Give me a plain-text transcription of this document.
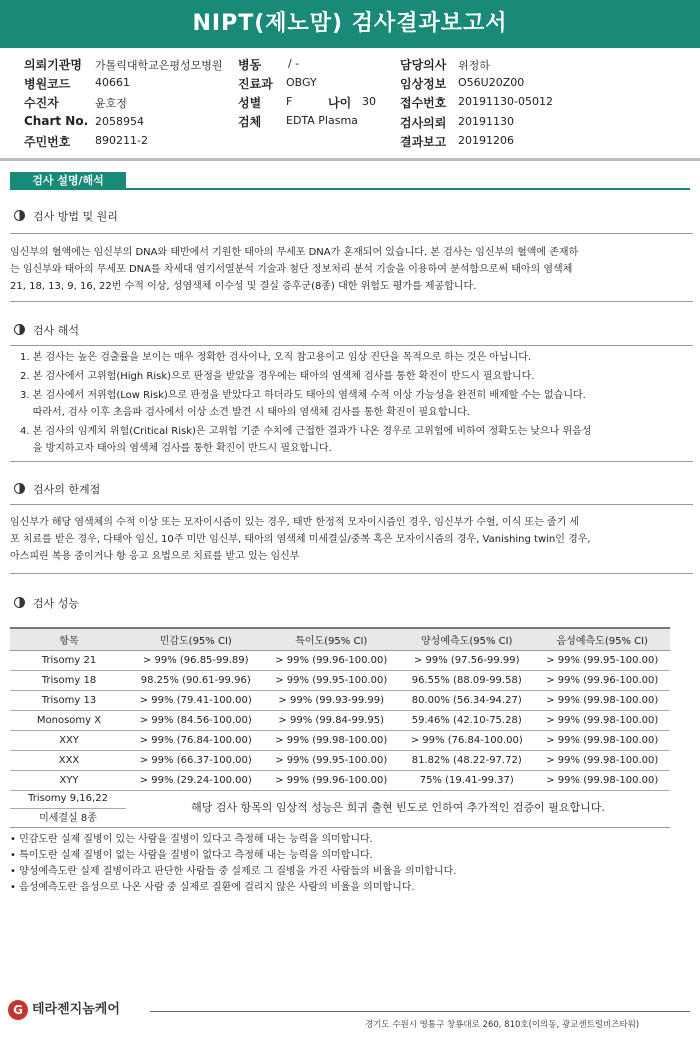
NIPT(제노맘) 검사결과보고서
의뢰기관명 가톨릭대학교은평성모병원 병동 / -	담당의사 위정하
병원코드 40661	진료과 OBGY	임상정보 O56U20Z00
수진자	윤호정	성별 F	나이 30 접수번호 20191130-05012
Chart No. 2058954	검체 EDTA Plasma	검사의뢰 20191130
주민번호 890211-2	결과보고 20191206
검사 설명/해석
검사 방법 및 원리
임신부의 혈액에는 임신부의 DNA와 태반에서 기원한 태아의 무세포 DNA가 혼재되어 있습니다. 본 검사는 임신부의 혈액에 존재하
는 임신부와 태아의 무세포 DNA를 차세대 염기서열분석 기술과 첨단 정보처리 분석 기술을 이용하여 분석함으로써 태아의 염색체
21, 18, 13, 9, 16, 22번 수적 이상, 성염색체 이수성 및 결실 증후군(8종) 대한 위험도 평가를 제공합니다.
검사 해석
1. 본 검사는 높은 검출률을 보이는 매우 정확한 검사이나, 오직 참고용이고 임상 진단을 목적으로 하는 것은 아닙니다.
2. 본 검사에서 고위험(High Risk)으로 판정을 받았을 경우에는 태아의 염색체 검사를 통한 확진이 반드시 필요합니다.
3. 본 검사에서 저위험(Low Risk)으로 판정을 받았다고 하더라도 태아의 염색체 수적 이상 가능성을 완전히 배제할 수는 없습니다.
따라서, 검사 이후 초음파 검사에서 이상 소견 발견 시 태아의 염색체 검사를 통한 확진이 필요합니다.
4. 본 검사의 임계치 위험(Critical Risk)은 고위험 기준 수치에 근접한 결과가 나온 경우로 고위험에 비하여 정확도는 낮으나 위음성
을 방지하고자 태아의 염색체 검사를 통한 확진이 반드시 필요합니다.
검사의 한계점
임신부가 해당 염색체의 수적 이상 또는 모자이시즘이 있는 경우, 태반 한정적 모자이시즘인 경우, 임신부가 수혈, 이식 또는 줄기 세
포 치료를 받은 경우, 다태아 임신, 10주 미만 임신부, 태아의 염색체 미세결실/중복 혹은 모자이시즘의 경우, Vanishing twin인 경우,
아스피린 복용 중이거나 항 응고 요법으로 치료를 받고 있는 임신부
검사 성능
항목	민감도(95% CI)	특이도(95% CI)	양성예측도(95% CI)	음성예측도(95% CI)
Trisomy 21	> 99% (96.85-99.89)	> 99% (99.96-100.00)	> 99% (97.56-99.99)	> 99% (99.95-100.00)
Trisomy 18	98.25% (90.61-99.96)	> 99% (99.95-100.00)	96.55% (88.09-99.58)	> 99% (99.96-100.00)
Trisomy 13	> 99% (79.41-100.00)	> 99% (99.93-99.99)	80.00% (56.34-94.27)	> 99% (99.98-100.00)
Monosomy X	> 99% (84.56-100.00)	> 99% (99.84-99.95)	59.46% (42.10-75.28)	> 99% (99.98-100.00)
XXY	> 99% (76.84-100.00)	> 99% (99.98-100.00)	> 99% (76.84-100.00)	> 99% (99.98-100.00)
XXX	> 99% (66.37-100.00)	> 99% (99.95-100.00)	81.82% (48.22-97.72)	> 99% (99.98-100.00)
XYY	> 99% (29.24-100.00)	> 99% (99.96-100.00)	75% (19.41-99.37)	> 99% (99.98-100.00)
Trisomy 9,16,22
미세결실 8종
해당 검사 항목의 임상적 성능은 희귀 출현 빈도로 인하여 추가적인 검증이 필요합니다.
• 민감도란 실제 질병이 있는 사람을 질병이 있다고 측정해 내는 능력을 의미합니다.
• 특이도란 실제 질병이 없는 사람을 질병이 없다고 측정해 내는 능력을 의미합니다.
• 양성예측도란 실제 질병이라고 판단한 사람들 중 실제로 그 질병을 가진 사람들의 비율을 의미합니다.
• 음성예측도란 음성으로 나온 사람 중 실제로 질환에 걸리지 않은 사람의 비율을 의미합니다.
G 테라젠지놈케어
경기도 수원시 영통구 창룡대로 260, 810호(이의동, 광교센트럴비즈타워)
